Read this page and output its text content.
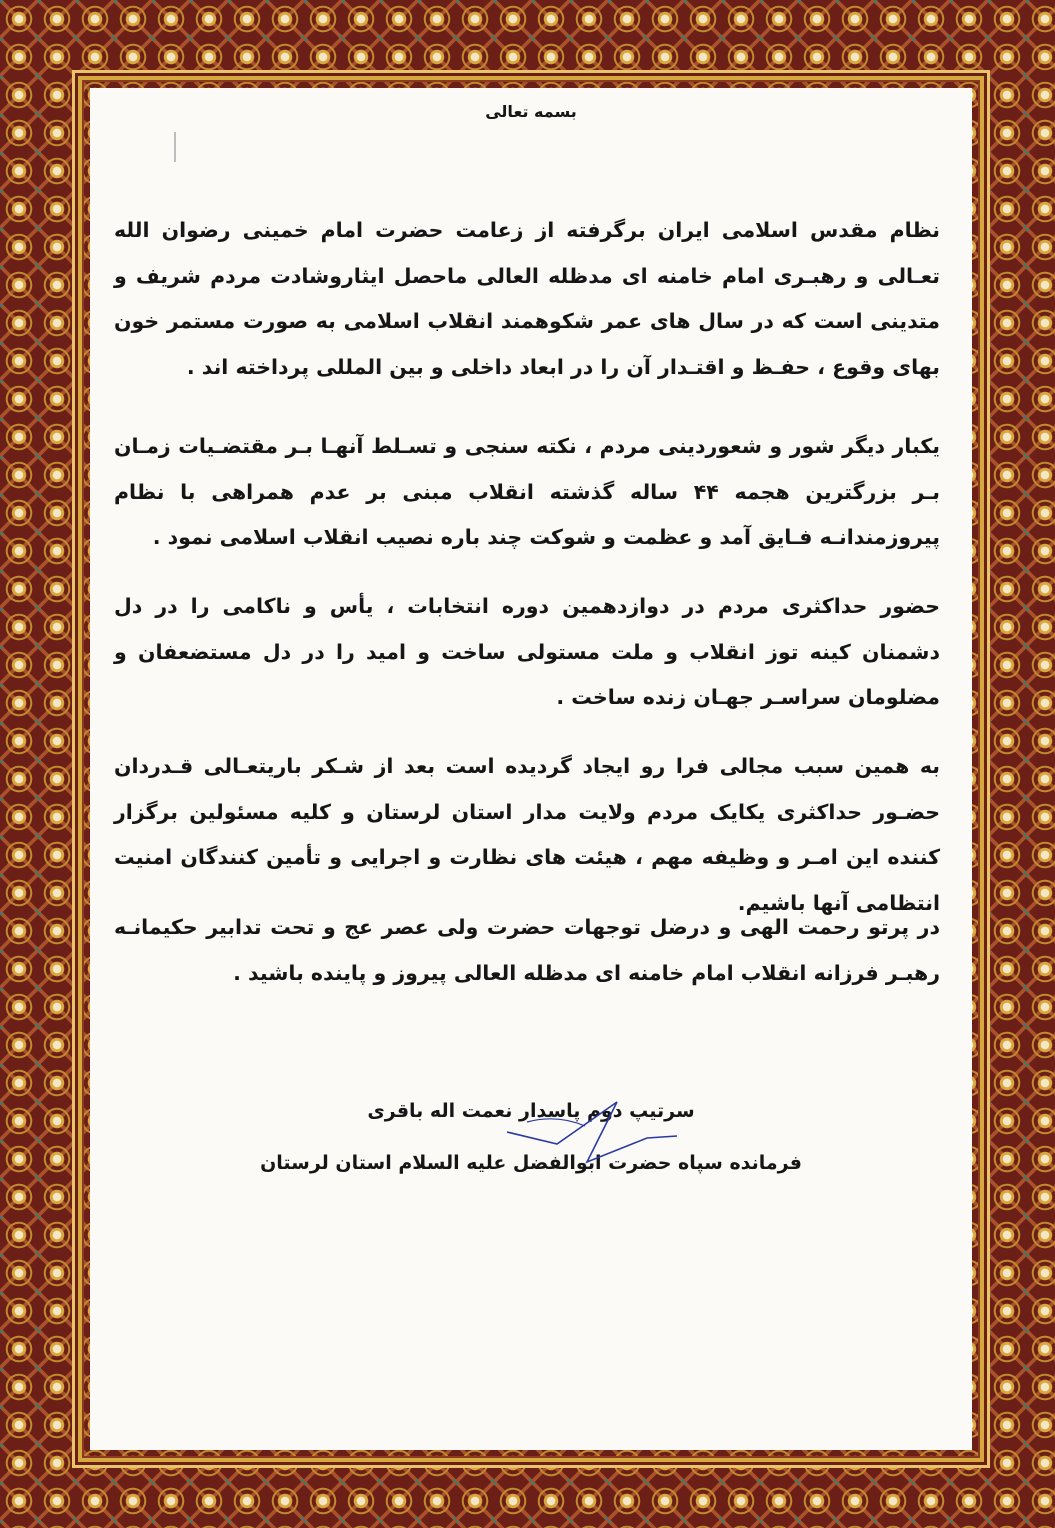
بسمه تعالی

نظام مقدس اسلامی ایران برگرفته از زعامت حضرت امام خمینی رضوان الله تعـالی و رهبـری امام خامنه ای مدظله العالی ماحصل ایثاروشادت مردم شریف و متدینی است که در سال های عمر شکوهمند انقلاب اسلامی به صورت مستمر خون بهای وقوع ، حفـظ و اقتـدار آن را در ابعاد داخلی و بین المللی پرداخته اند .

یکبار دیگر شور و شعوردینی مردم ، نکته سنجی و تسـلط آنهـا بـر مقتضـیات زمـان بـر بزرگترین هجمه ۴۴ ساله گذشته انقلاب مبنی بر عدم همراهی با نظام پیروزمندانـه فـایق آمد و عظمت و شوکت چند باره نصیب انقلاب اسلامی نمود .

حضور حداکثری مردم در دوازدهمین دوره انتخابات ، یأس و ناکامی را در دل دشمنان کینه توز انقلاب و ملت مستولی ساخت و امید را در دل مستضعفان و مضلومان سراسـر جهـان زنده ساخت .

به همین سبب مجالی فرا رو ایجاد گردیده است بعد از شـکر باریتعـالی قـدردان حضـور حداکثری یکایک مردم ولایت مدار استان لرستان و کلیه مسئولین برگزار کننده این امـر و وظیفه مهم ، هیئت های نظارت و اجرایی و تأمین کنندگان امنیت انتظامی آنها باشیم.

در پرتو رحمت الهی و درضل توجهات حضرت ولی عصر عج و تحت تدابیر حکیمانـه رهبـر فرزانه انقلاب امام خامنه ای مدظله العالی پیروز و پاینده باشید .

سرتیپ دوم پاسدار نعمت اله باقری
فرمانده سپاه حضرت ابوالفضل علیه السلام استان لرستان
